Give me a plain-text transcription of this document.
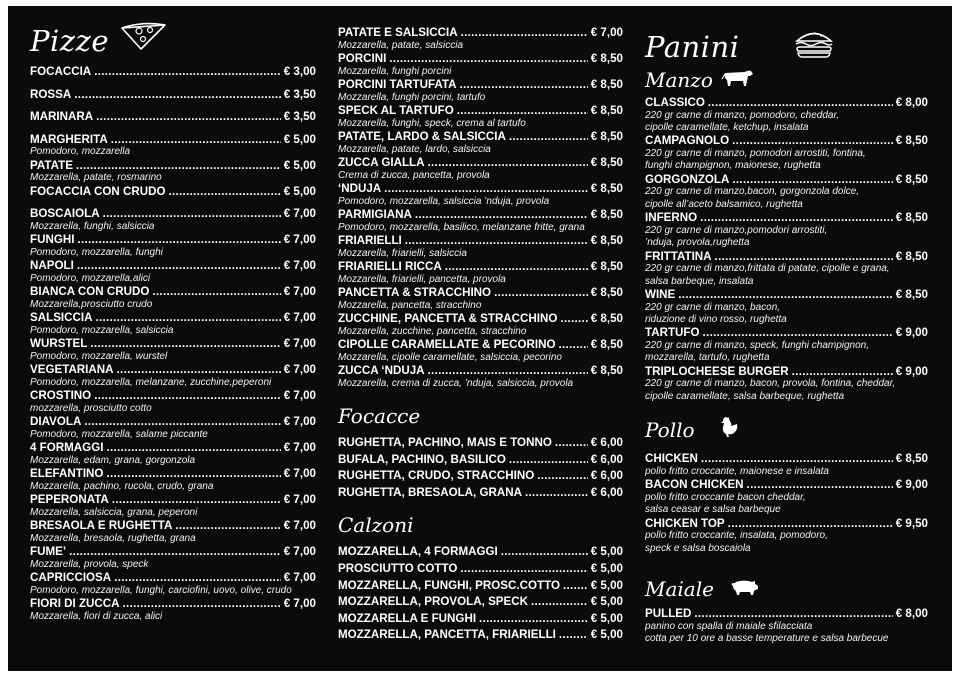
Pizze
FOCACCIA .....	€ 3,00
ROSSA .....	€ 3,50
MARINARA .....	€ 3,50
MARGHERITA .....	€ 5,00
Pomodoro, mozzarella
PATATE .....	€ 5,00
Mozzarella, patate, rosmarino
FOCACCIA CON CRUDO .....	€ 5,00
BOSCAIOLA .....	€ 7,00
Mozzarella, funghi, salsiccia
FUNGHI .....	€ 7,00
Pomodoro, mozzarella, funghi
NAPOLI .....	€ 7,00
Pomodoro, mozzarella,alici
BIANCA CON CRUDO .....	€ 7,00
Mozzarella,prosciutto crudo
SALSICCIA .....	€ 7,00
Pomodoro, mozzarella, salsiccia
WURSTEL .....	€ 7,00
Pomodoro, mozzarella, wurstel
VEGETARIANA .....	€ 7,00
Pomodoro, mozzarella, melanzane, zucchine,peperoni
CROSTINO .....	€ 7,00
mozzarella, prosciutto cotto
DIAVOLA .....	€ 7,00
Pomodoro, mozzarella, salame piccante
4 FORMAGGI .....	€ 7,00
Mozzarella, edam, grana, gorgonzola
ELEFANTINO .....	€ 7,00
Mozzarella, pachino, rucola, crudo, grana
PEPERONATA .....	€ 7,00
Mozzarella, salsiccia, grana, peperoni
BRESAOLA E RUGHETTA .....	€ 7,00
Mozzarella, bresaola, rughetta, grana
FUME’ .....	€ 7,00
Mozzarella, provola, speck
CAPRICCIOSA .....	€ 7,00
Pomodoro, mozzarella, funghi, carciofini, uovo, olive, crudo
FIORI DI ZUCCA .....	€ 7,00
Mozzarella, fiori di zucca, alici
PATATE E SALSICCIA .....	€ 7,00
Mozzarella, patate, salsiccia
PORCINI .....	€ 8,50
Mozzarella, funghi porcini
PORCINI TARTUFATA .....	€ 8,50
Mozzarella, funghi porcini, tartufo
SPECK AL TARTUFO .....	€ 8,50
Mozzarella, funghi, speck, crema al tartufo
PATATE, LARDO & SALSICCIA .....	€ 8,50
Mozzarella, patate, lardo, salsiccia
ZUCCA GIALLA .....	€ 8,50
Crema di zucca, pancetta, provola
‘NDUJA .....	€ 8,50
Pomodoro, mozzarella, salsiccia ’nduja, provola
PARMIGIANA .....	€ 8,50
Pomodoro, mozzarella, basilico, melanzane fritte, grana
FRIARIELLI .....	€ 8,50
Mozzarella, friarielli, salsiccia
FRIARIELLI RICCA .....	€ 8,50
Mozzarella, friarielli, pancetta, provola
PANCETTA & STRACCHINO .....	€ 8,50
Mozzarella, pancetta, stracchino
ZUCCHINE, PANCETTA & STRACCHINO .....	€ 8,50
Mozzarella, zucchine, pancetta, stracchino
CIPOLLE CARAMELLATE & PECORINO .....	€ 8,50
Mozzarella, cipolle caramellate, salsiccia, pecorino
ZUCCA ‘NDUJA .....	€ 8,50
Mozzarella, crema di zucca, ’nduja, salsiccia, provola
Focacce
RUGHETTA, PACHINO, MAIS E TONNO .....	€ 6,00
BUFALA, PACHINO, BASILICO .....	€ 6,00
RUGHETTA, CRUDO, STRACCHINO .....	€ 6,00
RUGHETTA, BRESAOLA, GRANA .....	€ 6,00
Calzoni
MOZZARELLA, 4 FORMAGGI .....	€ 5,00
PROSCIUTTO COTTO .....	€ 5,00
MOZZARELLA, FUNGHI, PROSC.COTTO .....	€ 5,00
MOZZARELLA, PROVOLA, SPECK .....	€ 5,00
MOZZARELLA E FUNGHI .....	€ 5,00
MOZZARELLA, PANCETTA, FRIARIELLI .....	€ 5,00
Panini
Manzo
CLASSICO .....	€ 8,00
220 gr carne di manzo, pomodoro, cheddar,
cipolle caramellate, ketchup, insalata
CAMPAGNOLO .....	€ 8,50
220 gr carne di manzo, pomodori arrostiti, fontina,
funghi champignon, maionese, rughetta
GORGONZOLA .....	€ 8,50
220 gr carne di manzo,bacon, gorgonzola dolce,
cipolle all’aceto balsamico, rughetta
INFERNO .....	€ 8,50
220 gr carne di manzo,pomodori arrostiti,
’nduja, provola,rughetta
FRITTATINA .....	€ 8,50
220 gr carne di manzo,frittata di patate, cipolle e grana,
salsa barbeque, insalata
WINE .....	€ 8,50
220 gr carne di manzo, bacon,
riduzione di vino rosso, rughetta
TARTUFO .....	€ 9,00
220 gr carne di manzo, speck, funghi champignon,
mozzarella, tartufo, rughetta
TRIPLOCHEESE BURGER .....	€ 9,00
220 gr carne di manzo, bacon, provola, fontina, cheddar,
cipolle caramellate, salsa barbeque, rughetta
Pollo
CHICKEN .....	€ 8,50
pollo fritto croccante, maionese e insalata
BACON CHICKEN .....	€ 9,00
pollo fritto croccante bacon cheddar,
salsa ceasar e salsa barbeque
CHICKEN TOP .....	€ 9,50
pollo fritto croccante, insalata, pomodoro,
speck e salsa boscaiola
Maiale
PULLED .....	€ 8,00
panino con spalla di maiale sfilacciata
cotta per 10 ore a basse temperature e salsa barbecue
